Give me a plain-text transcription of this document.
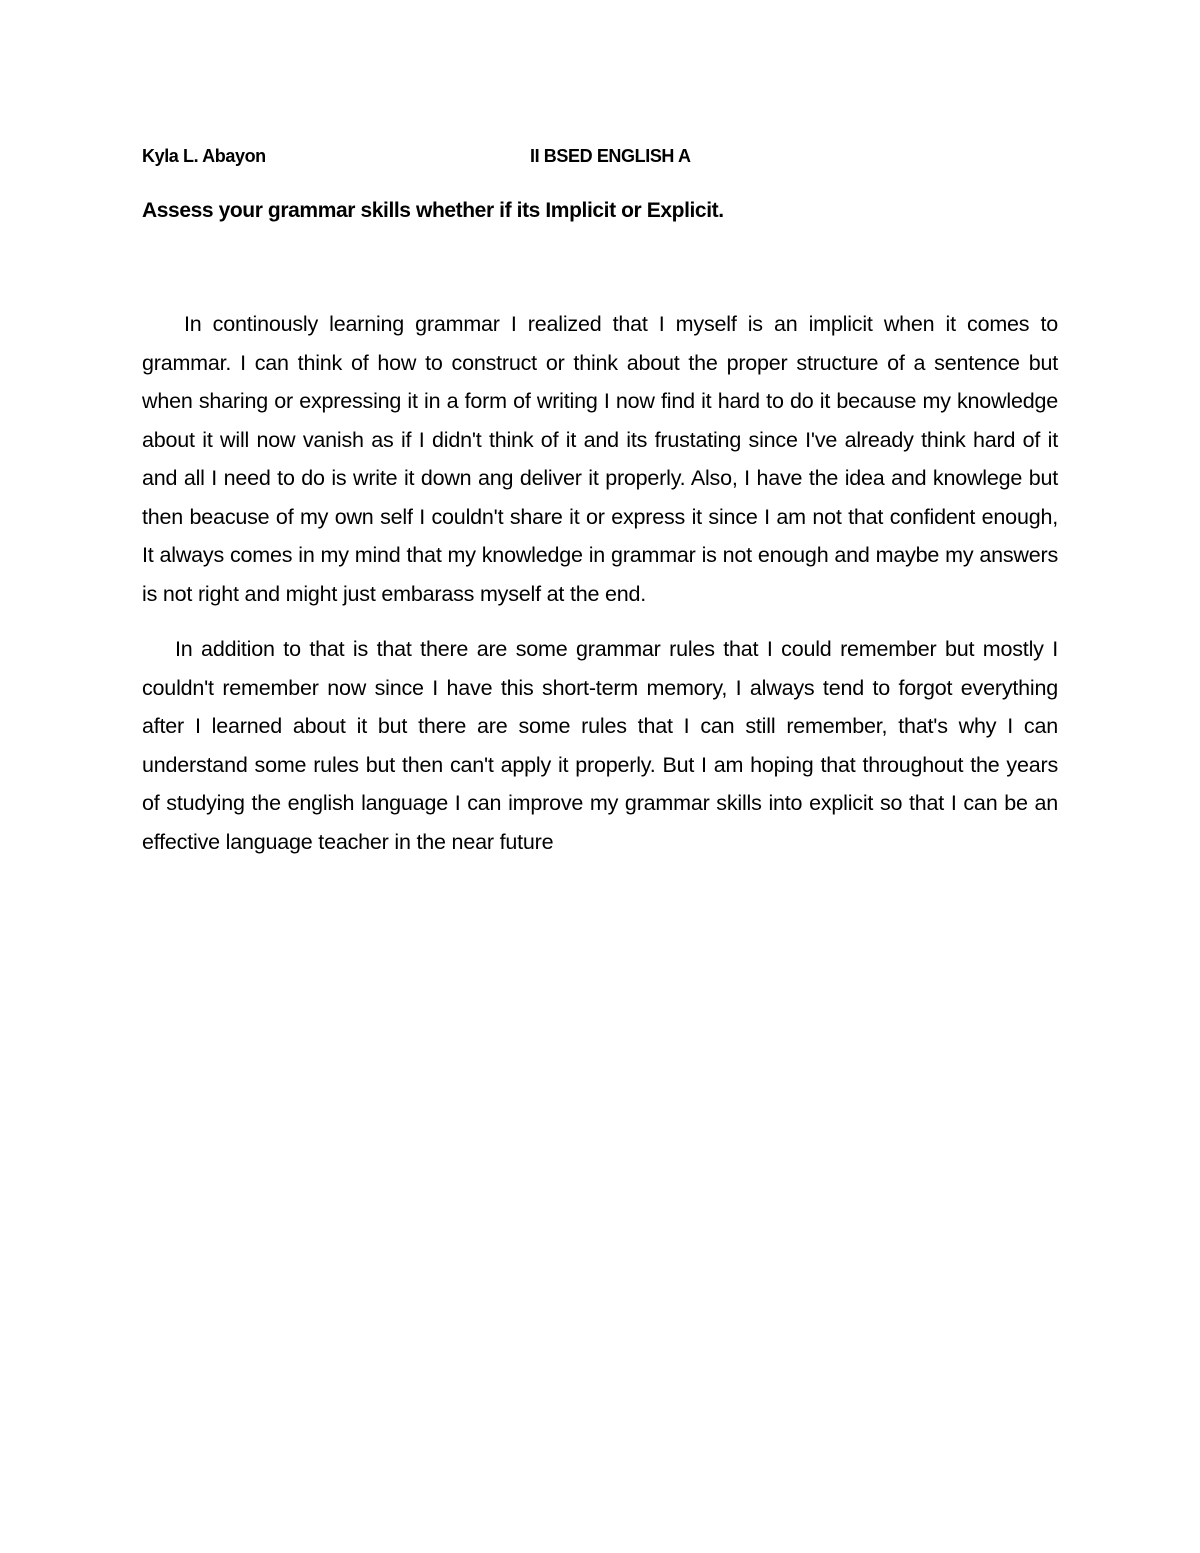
Kyla L. Abayon	II BSED ENGLISH A
Assess your grammar skills whether if its Implicit or Explicit.

In continously learning grammar I realized that I myself is an implicit when it comes to grammar. I can think of how to construct or think about the proper structure of a sentence but when sharing or expressing it in a form of writing I now find it hard to do it because my knowledge about it will now vanish as if I didn't think of it and its frustating since I've already think hard of it and all I need to do is write it down ang deliver it properly. Also, I have the idea and knowlege but then beacuse of my own self I couldn't share it or express it since I am not that confident enough, It always comes in my mind that my knowledge in grammar is not enough and maybe my answers is not right and might just embarass myself at the end.

In addition to that is that there are some grammar rules that I could remember but mostly I couldn't remember now since I have this short-term memory, I always tend to forgot everything after I learned about it but there are some rules that I can still remember, that's why I can understand some rules but then can't apply it properly. But I am hoping that throughout the years of studying the english language I can improve my grammar skills into explicit so that I can be an effective language teacher in the near future
